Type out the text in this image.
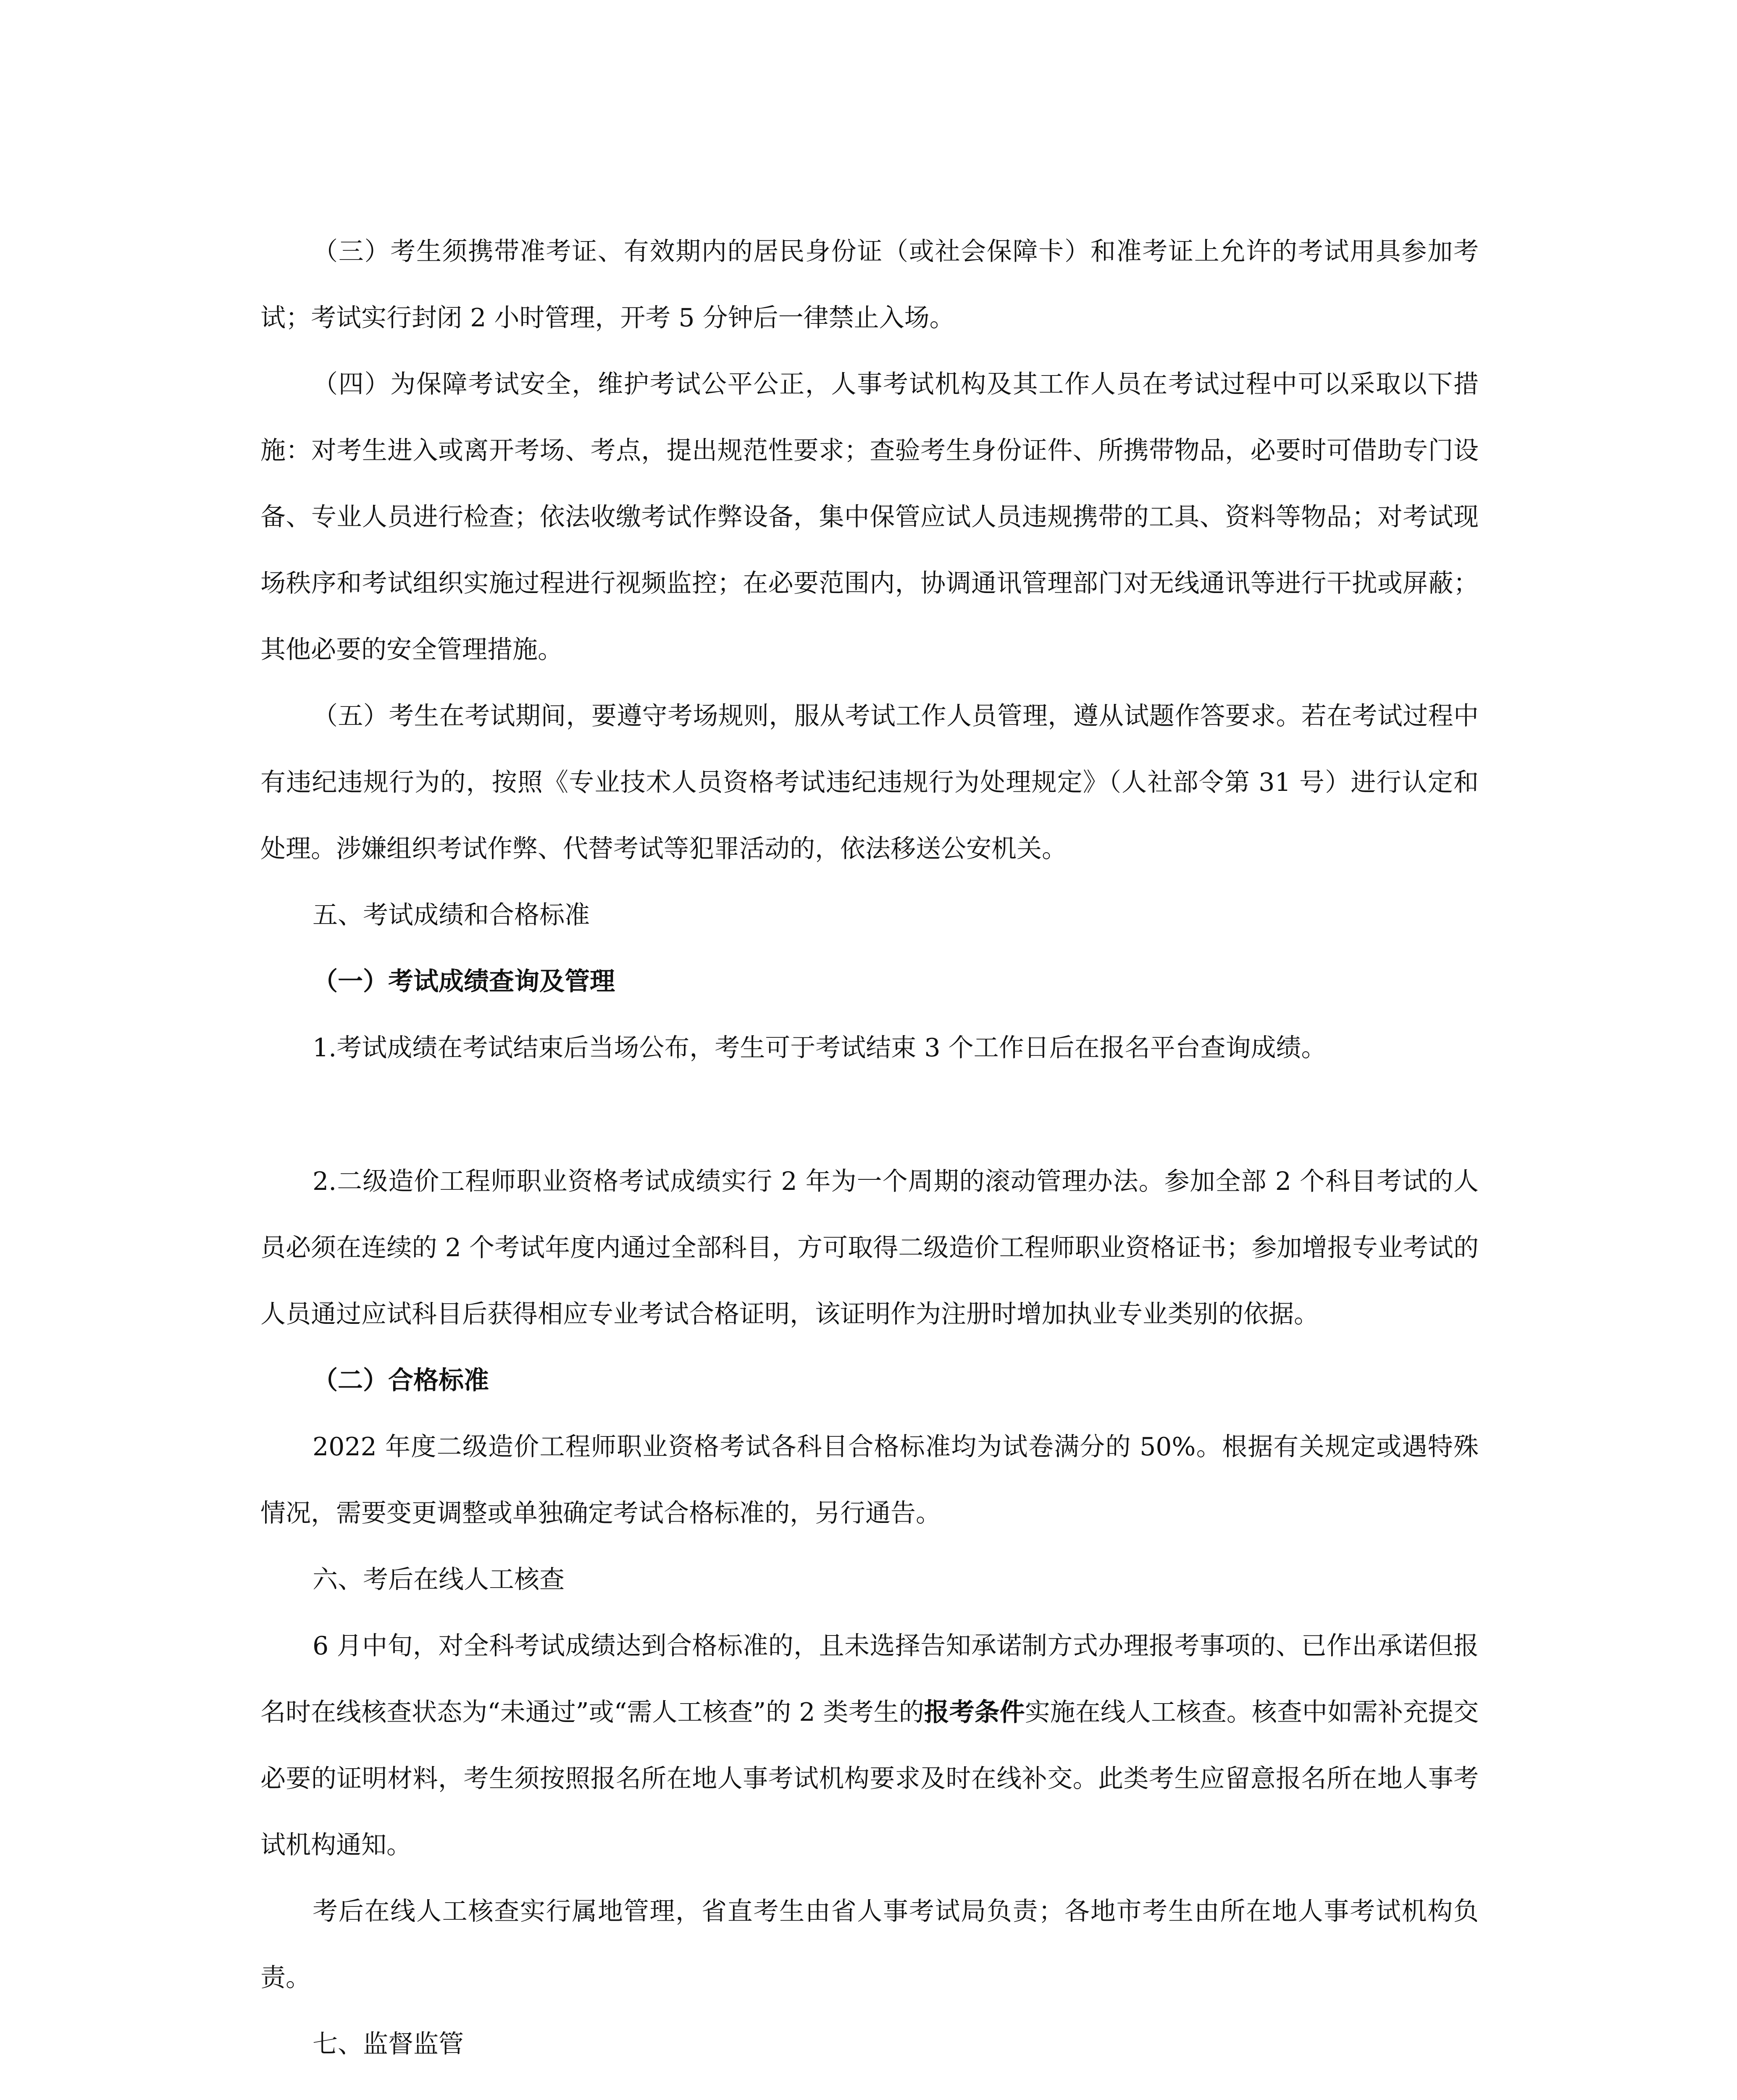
（三）考生须携带准考证、有效期内的居民身份证（或社会保障卡）和准考证上允许的考试用具参加考试；考试实行封闭 2 小时管理，开考 5 分钟后一律禁止入场。

（四）为保障考试安全，维护考试公平公正，人事考试机构及其工作人员在考试过程中可以采取以下措施：对考生进入或离开考场、考点，提出规范性要求；查验考生身份证件、所携带物品，必要时可借助专门设备、专业人员进行检查；依法收缴考试作弊设备，集中保管应试人员违规携带的工具、资料等物品；对考试现场秩序和考试组织实施过程进行视频监控；在必要范围内，协调通讯管理部门对无线通讯等进行干扰或屏蔽；其他必要的安全管理措施。

（五）考生在考试期间，要遵守考场规则，服从考试工作人员管理，遵从试题作答要求。若在考试过程中有违纪违规行为的，按照《专业技术人员资格考试违纪违规行为处理规定》（人社部令第 31 号）进行认定和处理。涉嫌组织考试作弊、代替考试等犯罪活动的，依法移送公安机关。

五、考试成绩和合格标准

（一）考试成绩查询及管理

1.考试成绩在考试结束后当场公布，考生可于考试结束 3 个工作日后在报名平台查询成绩。

2.二级造价工程师职业资格考试成绩实行 2 年为一个周期的滚动管理办法。参加全部 2 个科目考试的人员必须在连续的 2 个考试年度内通过全部科目，方可取得二级造价工程师职业资格证书；参加增报专业考试的人员通过应试科目后获得相应专业考试合格证明，该证明作为注册时增加执业专业类别的依据。

（二）合格标准

2022 年度二级造价工程师职业资格考试各科目合格标准均为试卷满分的 50%。根据有关规定或遇特殊情况，需要变更调整或单独确定考试合格标准的，另行通告。

六、考后在线人工核查

6 月中旬，对全科考试成绩达到合格标准的，且未选择告知承诺制方式办理报考事项的、已作出承诺但报名时在线核查状态为“未通过”或“需人工核查”的 2 类考生的报考条件实施在线人工核查。核查中如需补充提交必要的证明材料，考生须按照报名所在地人事考试机构要求及时在线补交。此类考生应留意报名所在地人事考试机构通知。

考后在线人工核查实行属地管理，省直考生由省人事考试局负责；各地市考生由所在地人事考试机构负责。

七、监督监管
